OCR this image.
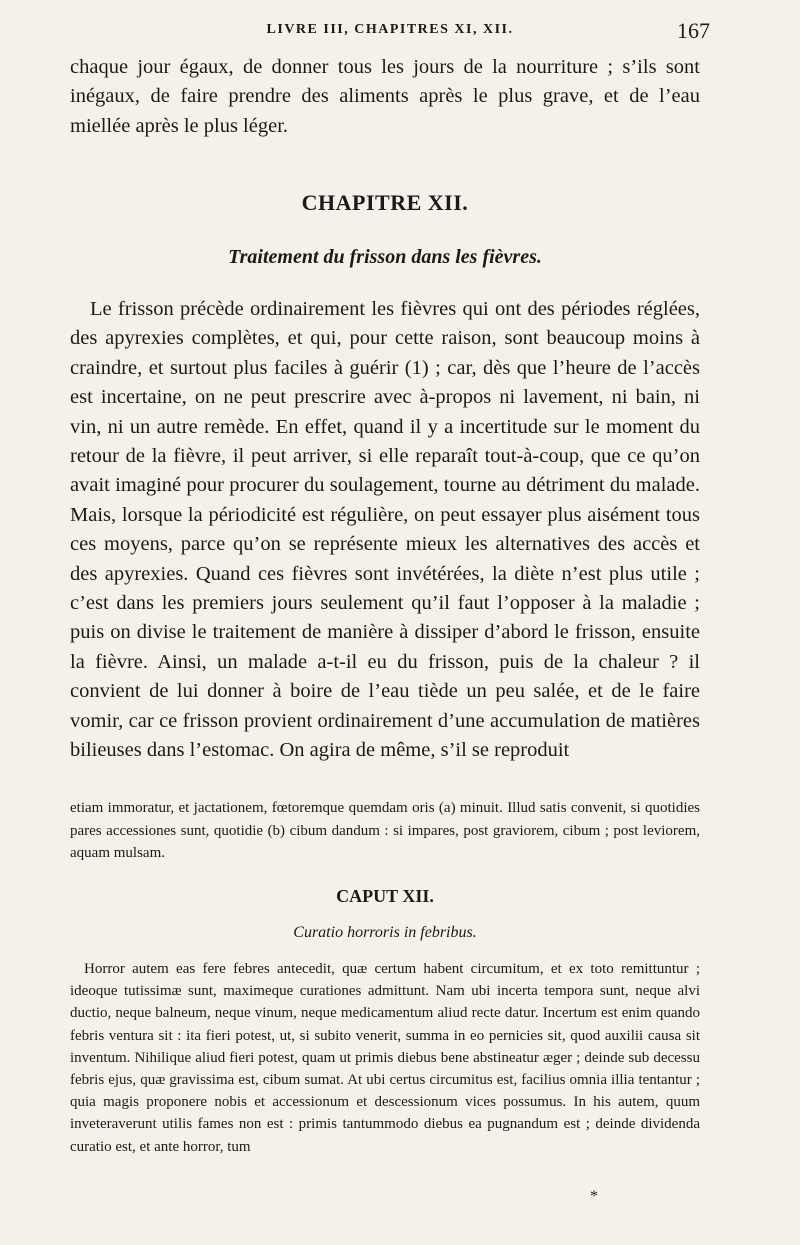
LIVRE III, CHAPITRES XI, XII.	167

chaque jour égaux, de donner tous les jours de la nourriture ; s’ils sont inégaux, de faire prendre des aliments après le plus grave, et de l’eau miellée après le plus léger.

CHAPITRE XII.
Traitement du frisson dans les fièvres.

Le frisson précède ordinairement les fièvres qui ont des périodes réglées, des apyrexies complètes, et qui, pour cette raison, sont beaucoup moins à craindre, et surtout plus faciles à guérir (1) ; car, dès que l’heure de l’accès est incertaine, on ne peut prescrire avec à-propos ni lavement, ni bain, ni vin, ni un autre remède. En effet, quand il y a incertitude sur le moment du retour de la fièvre, il peut arriver, si elle reparaît tout-à-coup, que ce qu’on avait imaginé pour procurer du soulagement, tourne au détriment du malade. Mais, lorsque la périodicité est régulière, on peut essayer plus aisément tous ces moyens, parce qu’on se représente mieux les alternatives des accès et des apyrexies. Quand ces fièvres sont invétérées, la diète n’est plus utile ; c’est dans les premiers jours seulement qu’il faut l’opposer à la maladie ; puis on divise le traitement de manière à dissiper d’abord le frisson, ensuite la fièvre. Ainsi, un malade a-t-il eu du frisson, puis de la chaleur ? il convient de lui donner à boire de l’eau tiède un peu salée, et de le faire vomir, car ce frisson provient ordinairement d’une accumulation de matières bilieuses dans l’estomac. On agira de même, s’il se reproduit

etiam immoratur, et jactationem, fœtoremque quemdam oris (a) minuit. Illud satis convenit, si quotidies pares accessiones sunt, quotidie (b) cibum dandum : si impares, post graviorem, cibum ; post leviorem, aquam mulsam.

CAPUT XII.
Curatio horroris in febribus.

Horror autem eas fere febres antecedit, quæ certum habent circumitum, et ex toto remittuntur ; ideoque tutissimæ sunt, maximeque curationes admittunt. Nam ubi incerta tempora sunt, neque alvi ductio, neque balneum, neque vinum, neque medicamentum aliud recte datur. Incertum est enim quando febris ventura sit : ita fieri potest, ut, si subito venerit, summa in eo pernicies sit, quod auxilii causa sit inventum. Nihilique aliud fieri potest, quam ut primis diebus bene abstineatur æger ; deinde sub decessu febris ejus, quæ gravissima est, cibum sumat. At ubi certus circumitus est, facilius omnia illia tentantur ; quia magis proponere nobis et accessionum et descessionum vices possumus. In his autem, quum inveteraverunt utilis fames non est : primis tantummodo diebus ea pugnandum est ; deinde dividenda curatio est, et ante horror, tum

*
